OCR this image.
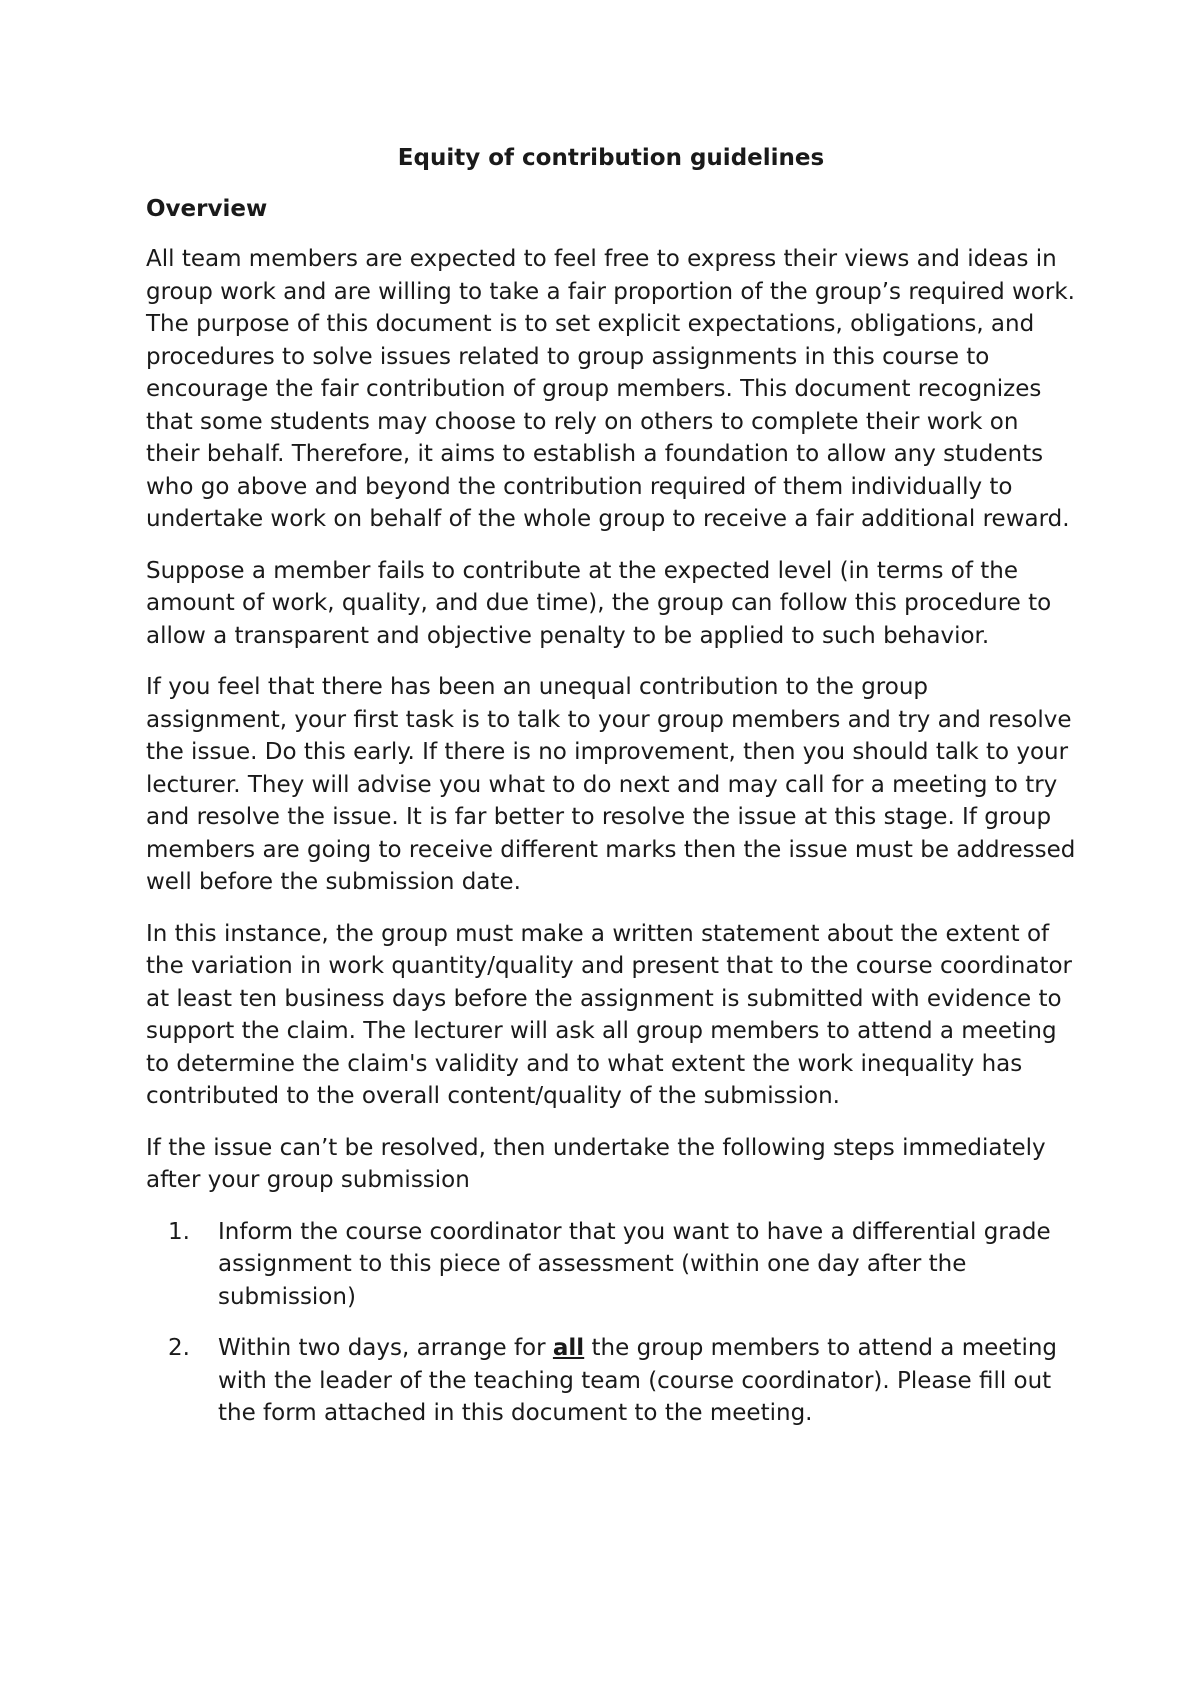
Equity of contribution guidelines
Overview

All team members are expected to feel free to express their views and ideas in group work and are willing to take a fair proportion of the group’s required work. The purpose of this document is to set explicit expectations, obligations, and procedures to solve issues related to group assignments in this course to encourage the fair contribution of group members. This document recognizes that some students may choose to rely on others to complete their work on their behalf. Therefore, it aims to establish a foundation to allow any students who go above and beyond the contribution required of them individually to undertake work on behalf of the whole group to receive a fair additional reward.

Suppose a member fails to contribute at the expected level (in terms of the amount of work, quality, and due time), the group can follow this procedure to allow a transparent and objective penalty to be applied to such behavior.

If you feel that there has been an unequal contribution to the group assignment, your first task is to talk to your group members and try and resolve the issue. Do this early. If there is no improvement, then you should talk to your lecturer. They will advise you what to do next and may call for a meeting to try and resolve the issue. It is far better to resolve the issue at this stage. If group members are going to receive different marks then the issue must be addressed well before the submission date.

In this instance, the group must make a written statement about the extent of the variation in work quantity/quality and present that to the course coordinator at least ten business days before the assignment is submitted with evidence to support the claim. The lecturer will ask all group members to attend a meeting to determine the claim's validity and to what extent the work inequality has contributed to the overall content/quality of the submission.

If the issue can’t be resolved, then undertake the following steps immediately after your group submission

1.	Inform the course coordinator that you want to have a differential grade assignment to this piece of assessment (within one day after the submission)
2.	Within two days, arrange for all the group members to attend a meeting with the leader of the teaching team (course coordinator). Please fill out the form attached in this document to the meeting.
